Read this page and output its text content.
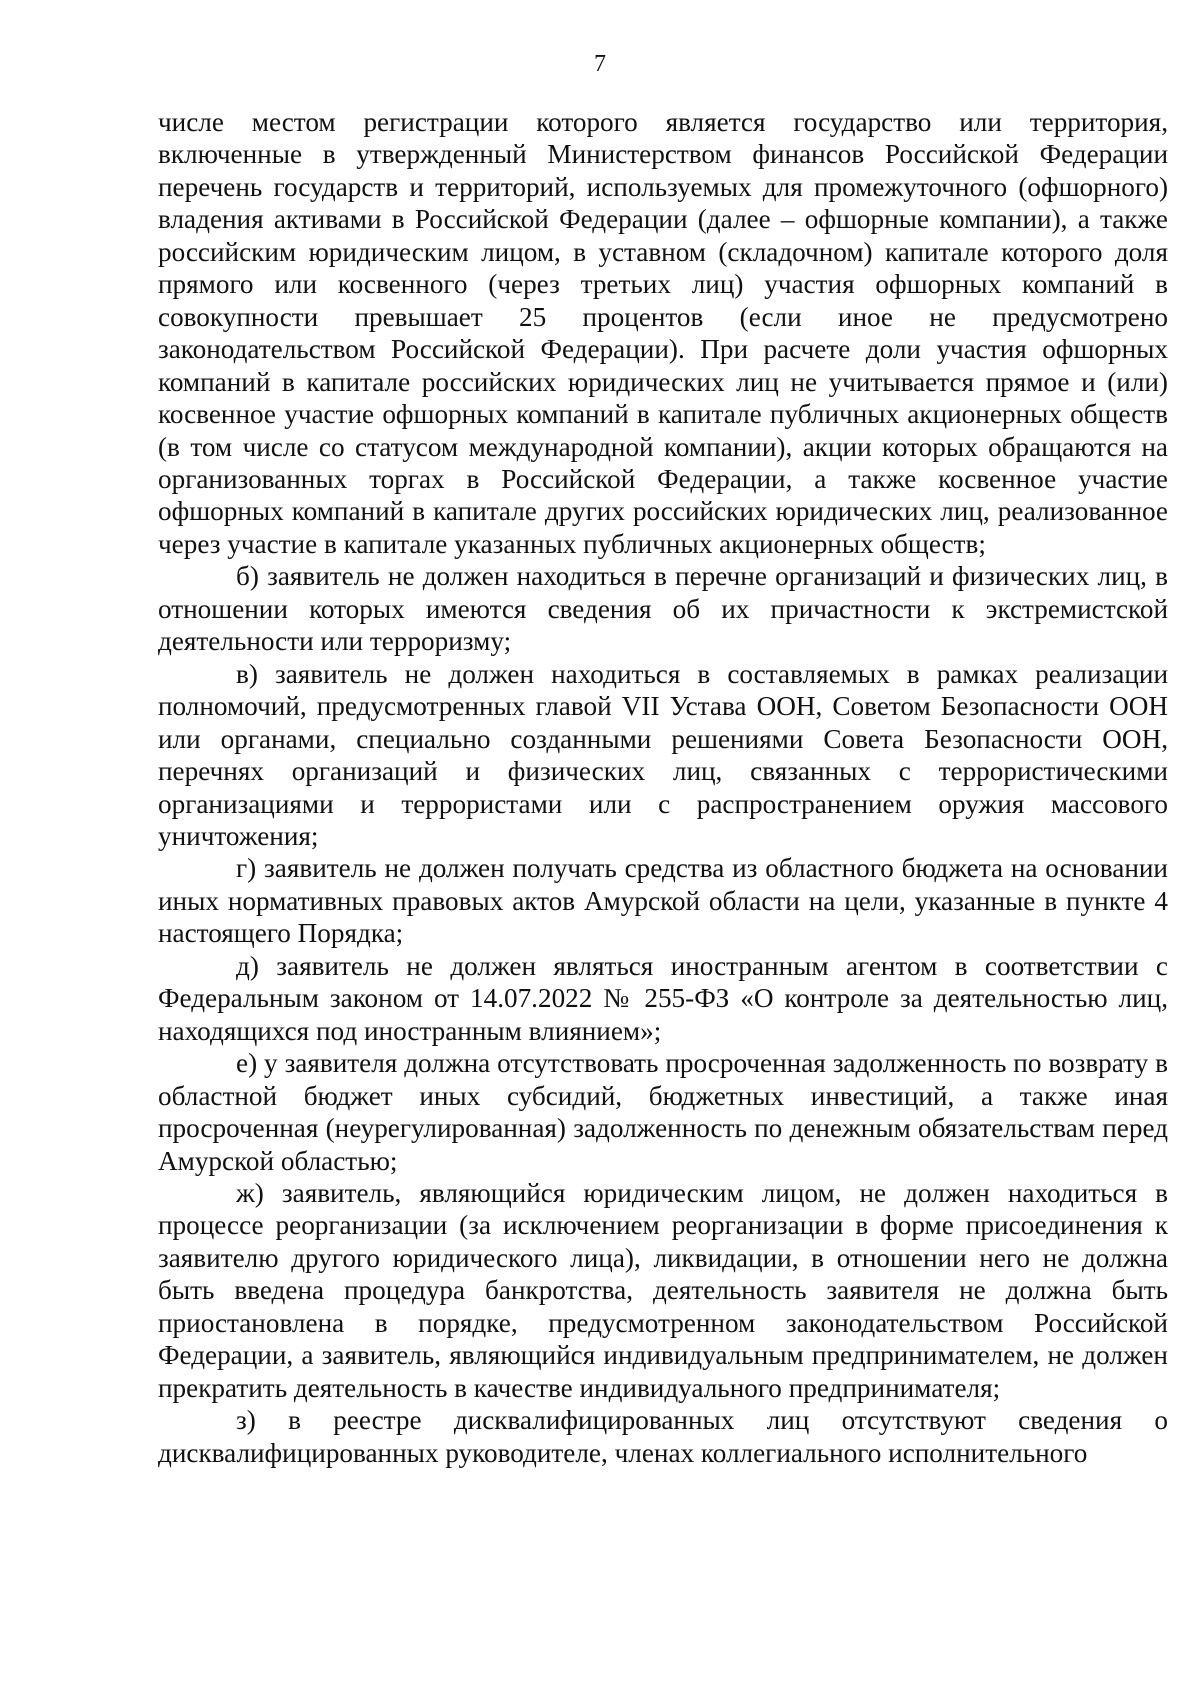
7

числе местом регистрации которого является государство или территория, включенные в утвержденный Министерством финансов Российской Федерации перечень государств и территорий, используемых для промежуточного (офшорного) владения активами в Российской Федерации (далее – офшорные компании), а также российским юридическим лицом, в уставном (складочном) капитале которого доля прямого или косвенного (через третьих лиц) участия офшорных компаний в совокупности превышает 25 процентов (если иное не предусмотрено законодательством Российской Федерации). При расчете доли участия офшорных компаний в капитале российских юридических лиц не учитывается прямое и (или) косвенное участие офшорных компаний в капитале публичных акционерных обществ (в том числе со статусом международной компании), акции которых обращаются на организованных торгах в Российской Федерации, а также косвенное участие офшорных компаний в капитале других российских юридических лиц, реализованное через участие в капитале указанных публичных акционерных обществ;

б) заявитель не должен находиться в перечне организаций и физических лиц, в отношении которых имеются сведения об их причастности к экстремистской деятельности или терроризму;

в) заявитель не должен находиться в составляемых в рамках реализации полномочий, предусмотренных главой VII Устава ООН, Советом Безопасности ООН или органами, специально созданными решениями Совета Безопасности ООН, перечнях организаций и физических лиц, связанных с террористическими организациями и террористами или с распространением оружия массового уничтожения;

г) заявитель не должен получать средства из областного бюджета на основании иных нормативных правовых актов Амурской области на цели, указанные в пункте 4 настоящего Порядка;

д) заявитель не должен являться иностранным агентом в соответствии с Федеральным законом от 14.07.2022 № 255-ФЗ «О контроле за деятельностью лиц, находящихся под иностранным влиянием»;

е) у заявителя должна отсутствовать просроченная задолженность по возврату в областной бюджет иных субсидий, бюджетных инвестиций, а также иная просроченная (неурегулированная) задолженность по денежным обязательствам перед Амурской областью;

ж) заявитель, являющийся юридическим лицом, не должен находиться в процессе реорганизации (за исключением реорганизации в форме присоединения к заявителю другого юридического лица), ликвидации, в отношении него не должна быть введена процедура банкротства, деятельность заявителя не должна быть приостановлена в порядке, предусмотренном законодательством Российской Федерации, а заявитель, являющийся индивидуальным предпринимателем, не должен прекратить деятельность в качестве индивидуального предпринимателя;

з) в реестре дисквалифицированных лиц отсутствуют сведения о дисквалифицированных руководителе, членах коллегиального исполнительного
